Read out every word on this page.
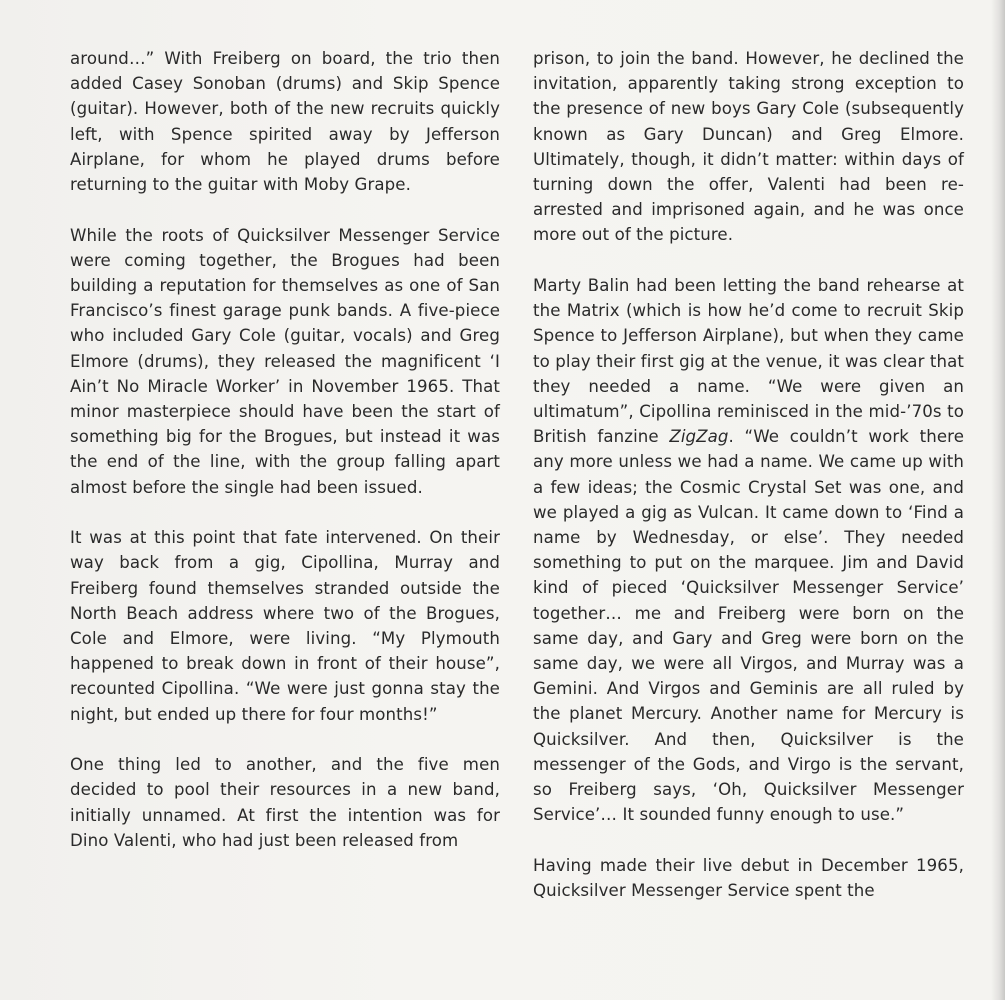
around…” With Freiberg on board, the trio then added Casey Sonoban (drums) and Skip Spence (guitar). However, both of the new recruits quickly left, with Spence spirited away by Jefferson Airplane, for whom he played drums before returning to the guitar with Moby Grape.

While the roots of Quicksilver Messenger Service were coming together, the Brogues had been building a reputation for themselves as one of San Francisco’s finest garage punk bands. A five-piece who included Gary Cole (guitar, vocals) and Greg Elmore (drums), they released the magnificent ‘I Ain’t No Miracle Worker’ in November 1965. That minor masterpiece should have been the start of something big for the Brogues, but instead it was the end of the line, with the group falling apart almost before the single had been issued.

It was at this point that fate intervened. On their way back from a gig, Cipollina, Murray and Freiberg found themselves stranded outside the North Beach address where two of the Brogues, Cole and Elmore, were living. “My Plymouth happened to break down in front of their house”, recounted Cipollina. “We were just gonna stay the night, but ended up there for four months!”

One thing led to another, and the five men decided to pool their resources in a new band, initially unnamed. At first the intention was for Dino Valenti, who had just been released from

prison, to join the band. However, he declined the invitation, apparently taking strong exception to the presence of new boys Gary Cole (subsequently known as Gary Duncan) and Greg Elmore. Ultimately, though, it didn’t matter: within days of turning down the offer, Valenti had been re-arrested and imprisoned again, and he was once more out of the picture.

Marty Balin had been letting the band rehearse at the Matrix (which is how he’d come to recruit Skip Spence to Jefferson Airplane), but when they came to play their first gig at the venue, it was clear that they needed a name. “We were given an ultimatum”, Cipollina reminisced in the mid-’70s to British fanzine ZigZag. “We couldn’t work there any more unless we had a name. We came up with a few ideas; the Cosmic Crystal Set was one, and we played a gig as Vulcan. It came down to ‘Find a name by Wednesday, or else’. They needed something to put on the marquee. Jim and David kind of pieced ‘Quicksilver Messenger Service’ together… me and Freiberg were born on the same day, and Gary and Greg were born on the same day, we were all Virgos, and Murray was a Gemini. And Virgos and Geminis are all ruled by the planet Mercury. Another name for Mercury is Quicksilver. And then, Quicksilver is the messenger of the Gods, and Virgo is the servant, so Freiberg says, ‘Oh, Quicksilver Messenger Service’… It sounded funny enough to use.”

Having made their live debut in December 1965, Quicksilver Messenger Service spent the
